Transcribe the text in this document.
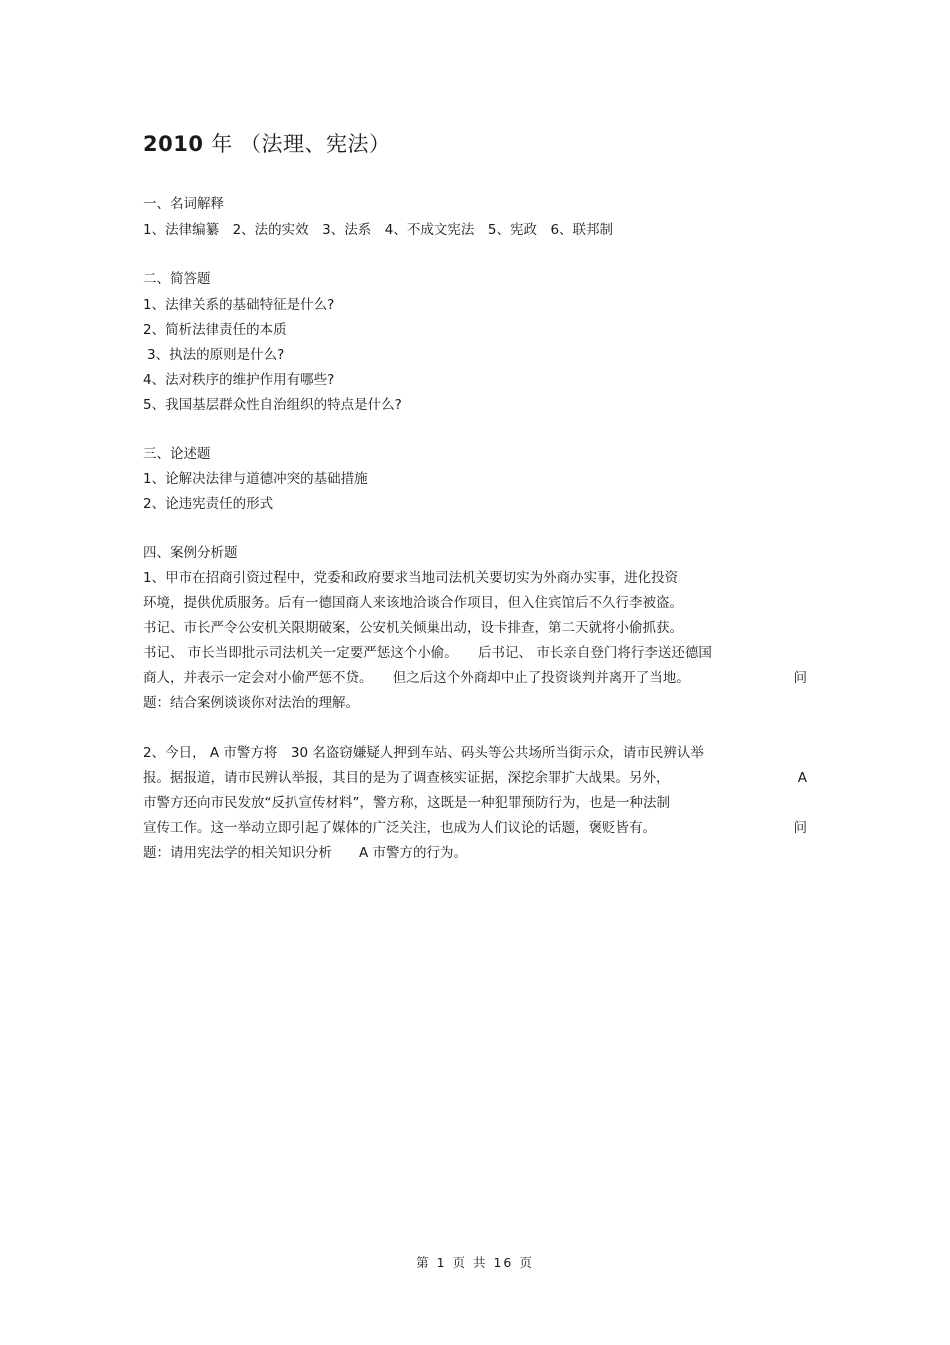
2010 年 （法理、宪法）
一、名词解释
1、法律编纂　2、法的实效　3、法系　4、不成文宪法　5、宪政　6、联邦制
二、简答题
1、法律关系的基础特征是什么?
2、简析法律责任的本质
3、执法的原则是什么?
4、法对秩序的维护作用有哪些?
5、我国基层群众性自治组织的特点是什么?
三、论述题
1、论解决法律与道德冲突的基础措施
2、论违宪责任的形式
四、案例分析题
1、甲市在招商引资过程中，党委和政府要求当地司法机关要切实为外商办实事，进化投资
环境，提供优质服务。后有一德国商人来该地洽谈合作项目，但入住宾馆后不久行李被盗。
书记、市长严令公安机关限期破案，公安机关倾巢出动，设卡排查，第二天就将小偷抓获。
书记、 市长当即批示司法机关一定要严惩这个小偷。　　后书记、 市长亲自登门将行李送还德国
商人，并表示一定会对小偷严惩不贷。　　但之后这个外商却中止了投资谈判并离开了当地。	问
题：结合案例谈谈你对法治的理解。
2、今日， A 市警方将　30 名盗窃嫌疑人押到车站、码头等公共场所当街示众，请市民辨认举
报。据报道，请市民辨认举报，其目的是为了调查核实证据，深挖余罪扩大战果。另外，	A
市警方还向市民发放“反扒宣传材料”，警方称，这既是一种犯罪预防行为，也是一种法制
宣传工作。这一举动立即引起了媒体的广泛关注，也成为人们议论的话题，褒贬皆有。	问
题：请用宪法学的相关知识分析　　A 市警方的行为。
第 1 页 共 16 页
